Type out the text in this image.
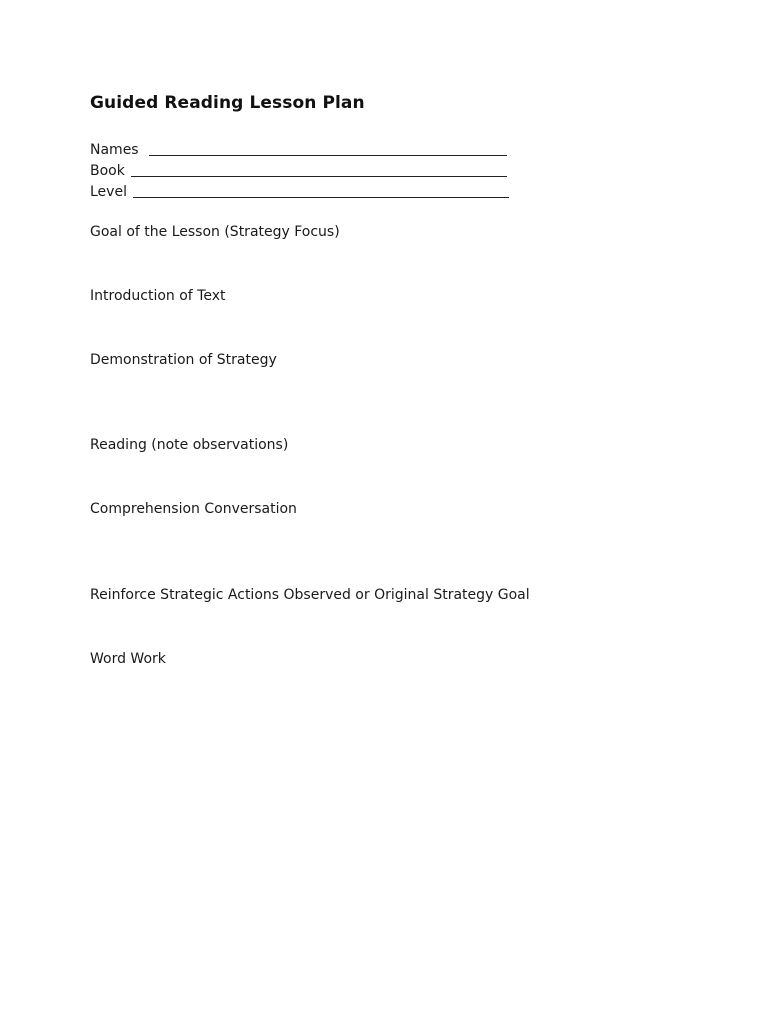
Guided Reading Lesson Plan
Names
Book
Level
Goal of the Lesson (Strategy Focus)
Introduction of Text
Demonstration of Strategy
Reading (note observations)
Comprehension Conversation
Reinforce Strategic Actions Observed or Original Strategy Goal
Word Work
